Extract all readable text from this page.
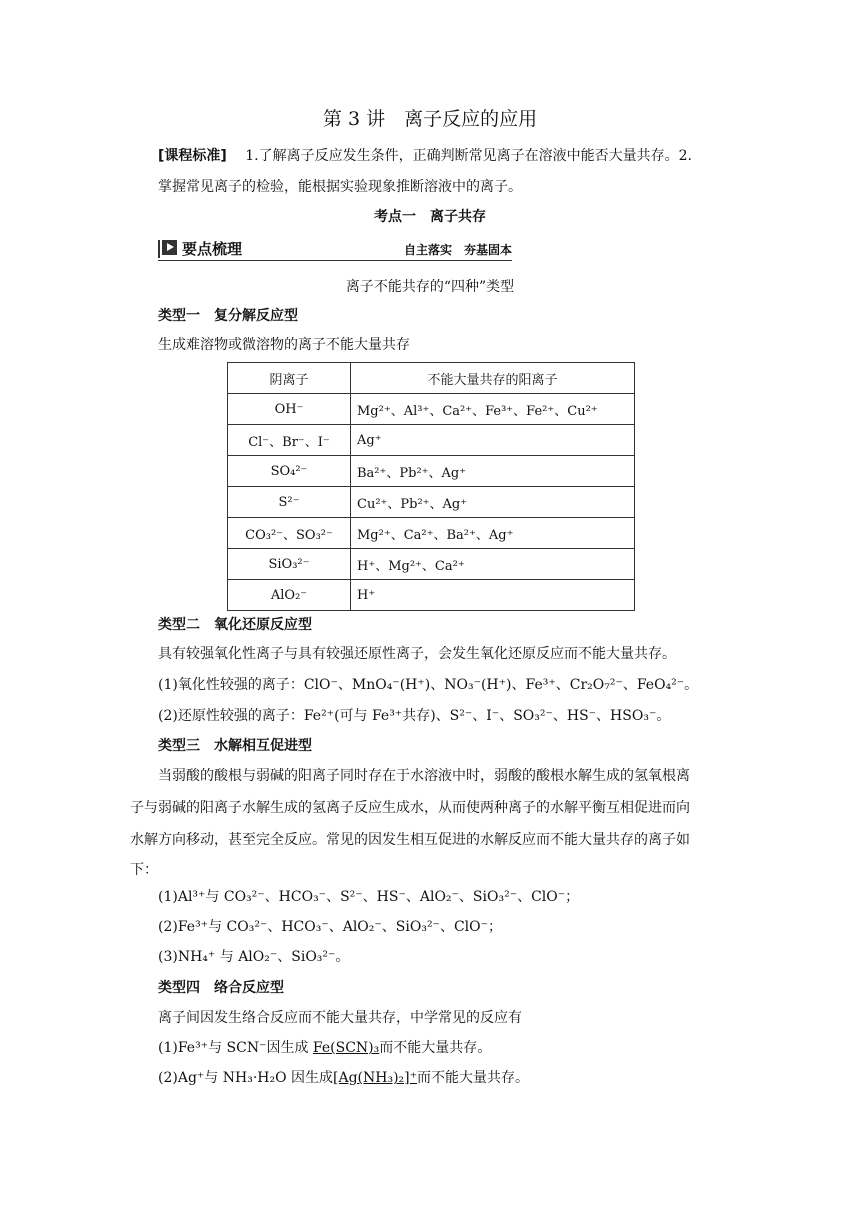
第 3 讲　离子反应的应用
[课程标准] 1.了解离子反应发生条件，正确判断常见离子在溶液中能否大量共存。2.
掌握常见离子的检验，能根据实验现象推断溶液中的离子。
考点一　离子共存
要点梳理	自主落实　夯基固本
离子不能共存的“四种”类型
类型一　复分解反应型
生成难溶物或微溶物的离子不能大量共存
阴离子	不能大量共存的阳离子
OH⁻	Mg²⁺、Al³⁺、Ca²⁺、Fe³⁺、Fe²⁺、Cu²⁺
Cl⁻、Br⁻、I⁻	Ag⁺
SO₄²⁻	Ba²⁺、Pb²⁺、Ag⁺
S²⁻	Cu²⁺、Pb²⁺、Ag⁺
CO₃²⁻、SO₃²⁻	Mg²⁺、Ca²⁺、Ba²⁺、Ag⁺
SiO₃²⁻	H⁺、Mg²⁺、Ca²⁺
AlO₂⁻	H⁺
类型二　氧化还原反应型
具有较强氧化性离子与具有较强还原性离子，会发生氧化还原反应而不能大量共存。
(1)氧化性较强的离子：ClO⁻、MnO₄⁻(H⁺)、NO₃⁻(H⁺)、Fe³⁺、Cr₂O₇²⁻、FeO₄²⁻。
(2)还原性较强的离子：Fe²⁺(可与 Fe³⁺共存)、S²⁻、I⁻、SO₃²⁻、HS⁻、HSO₃⁻。
类型三　水解相互促进型
当弱酸的酸根与弱碱的阳离子同时存在于水溶液中时，弱酸的酸根水解生成的氢氧根离
子与弱碱的阳离子水解生成的氢离子反应生成水，从而使两种离子的水解平衡互相促进而向
水解方向移动，甚至完全反应。常见的因发生相互促进的水解反应而不能大量共存的离子如
下：
(1)Al³⁺与 CO₃²⁻、HCO₃⁻、S²⁻、HS⁻、AlO₂⁻、SiO₃²⁻、ClO⁻；
(2)Fe³⁺与 CO₃²⁻、HCO₃⁻、AlO₂⁻、SiO₃²⁻、ClO⁻；
(3)NH₄⁺ 与 AlO₂⁻、SiO₃²⁻。
类型四　络合反应型
离子间因发生络合反应而不能大量共存，中学常见的反应有
(1)Fe³⁺与 SCN⁻因生成 Fe(SCN)₃而不能大量共存。
(2)Ag⁺与 NH₃·H₂O 因生成[Ag(NH₃)₂]⁺而不能大量共存。
